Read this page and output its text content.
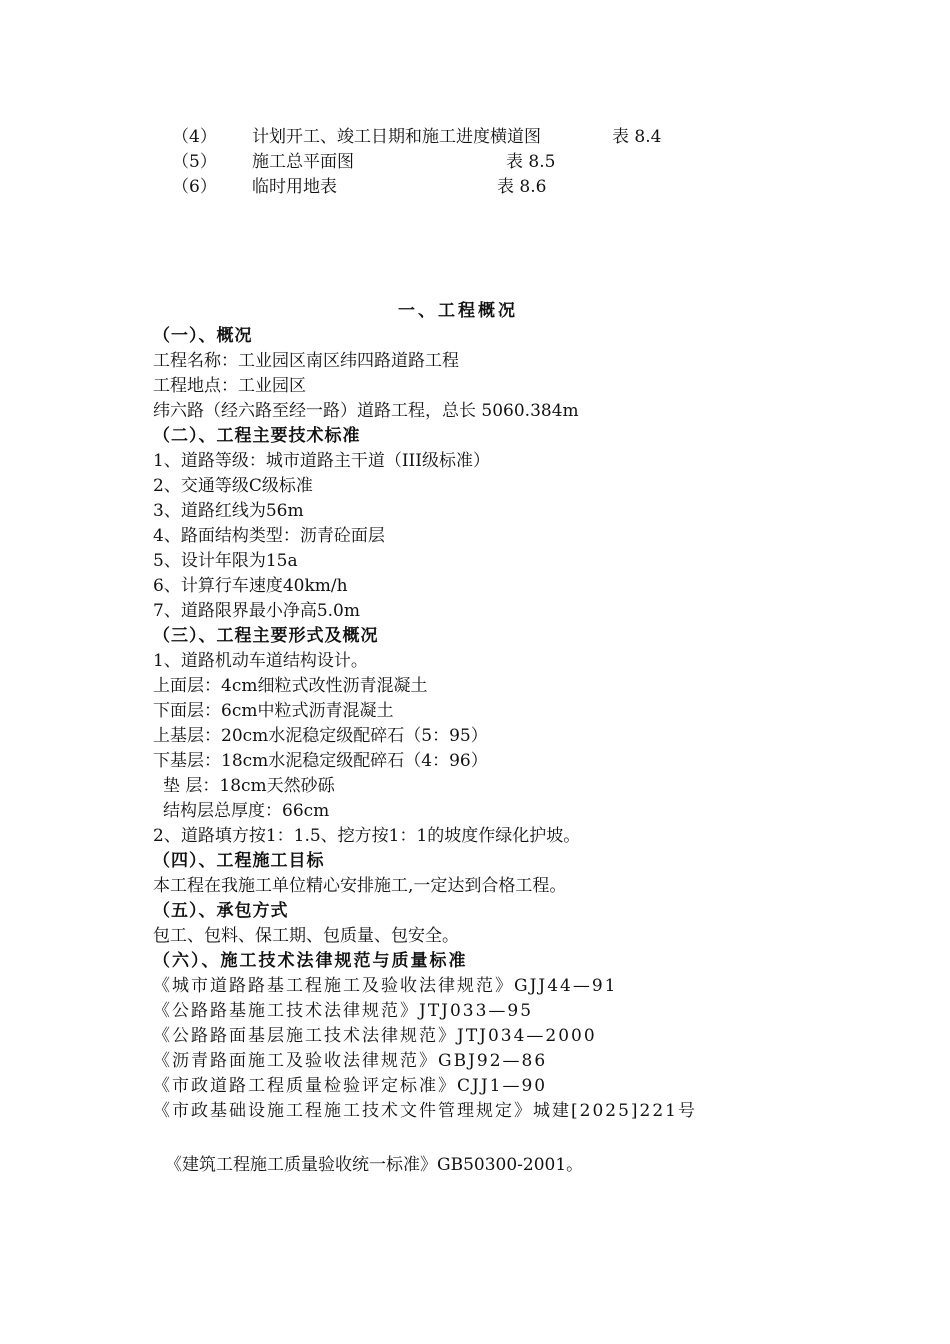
（4） 计划开工、竣工日期和施工进度横道图	表 8.4
（5） 施工总平面图	表 8.5
（6） 临时用地表	表 8.6
一、工程概况
（一）、概况
工程名称：工业园区南区纬四路道路工程
工程地点：工业园区
纬六路（经六路至经一路）道路工程，总长 5060.384m
（二）、工程主要技术标准
1、道路等级：城市道路主干道（III级标准）
2、交通等级C级标准
3、道路红线为56m
4、路面结构类型：沥青砼面层
5、设计年限为15a
6、计算行车速度40km/h
7、道路限界最小净高5.0m
（三）、工程主要形式及概况
1、道路机动车道结构设计。
上面层：4cm细粒式改性沥青混凝土
下面层：6cm中粒式沥青混凝土
上基层：20cm水泥稳定级配碎石（5：95）
下基层：18cm水泥稳定级配碎石（4：96）
垫 层：18cm天然砂砾
结构层总厚度：66cm
2、道路填方按1：1.5、挖方按1：1的坡度作绿化护坡。
（四）、工程施工目标
本工程在我施工单位精心安排施工,一定达到合格工程。
（五）、承包方式
包工、包料、保工期、包质量、包安全。
（六）、施工技术法律规范与质量标准
《城市道路路基工程施工及验收法律规范》GJJ44—91
《公路路基施工技术法律规范》JTJ033—95
《公路路面基层施工技术法律规范》JTJ034—2000
《沥青路面施工及验收法律规范》GBJ92—86
《市政道路工程质量检验评定标准》CJJ1—90
《市政基础设施工程施工技术文件管理规定》城建[2025]221号
《建筑工程施工质量验收统一标准》GB50300-2001。
